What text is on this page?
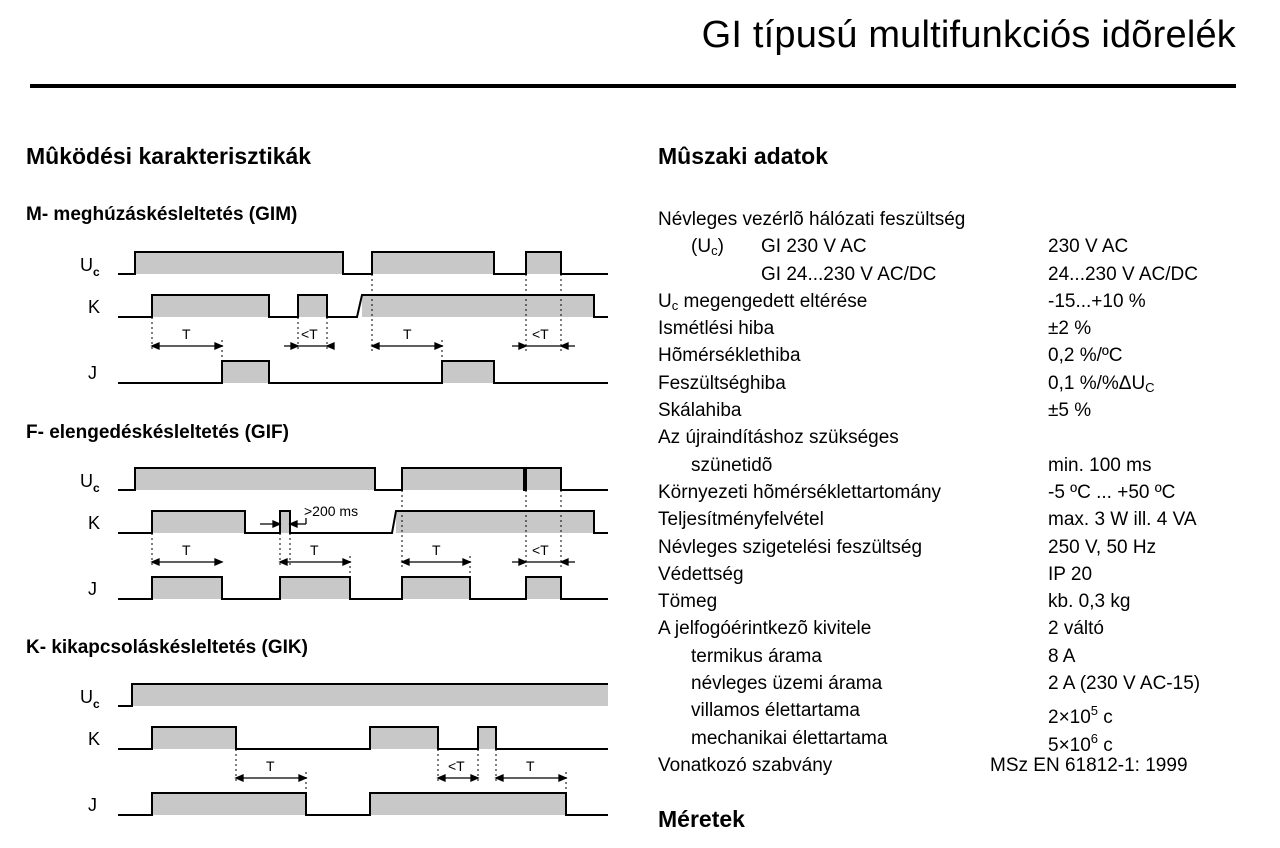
GI típusú multifunkciós idõrelék
Mûködési karakterisztikák
M- meghúzáskésleltetés (GIM)
$U_c$
K
J
T	<T	T	<T
F- elengedéskésleltetés (GIF)
$U_c$
K
J
>200 ms
T	T	T	<T
K- kikapcsoláskésleltetés (GIK)
$U_c$
K
J
T	<T	T
Mûszaki adatok
Névleges vezérlõ hálózati feszültség
$(U_c)$ GI 230 V AC	230 V AC
GI 24...230 V AC/DC	24...230 V AC/DC
$U_c$ megengedett eltérése	-15...+10 %
Ismétlési hiba	±2 %
Hõmérséklethiba	0,2 %/ºC
Feszültséghiba	0,1 $\%/\%\Delta U_C$
Skálahiba	±5 %
Az újraindításhoz szükséges
szünetidõ	min. 100 ms
Környezeti hõmérséklettartomány	-5 ºC ... +50 ºC
Teljesítményfelvétel	max. 3 W ill. 4 VA
Névleges szigetelési feszültség	250 V, 50 Hz
Védettség	IP 20
Tömeg	kb. 0,3 kg
A jelfogóérintkezõ kivitele	2 váltó
termikus árama	8 A
névleges üzemi árama	2 A (230 V AC-15)
villamos élettartama	$2\times 10^5$ c
mechanikai élettartama	$5\times 10^6$ c
Vonatkozó szabvány	MSz EN 61812-1: 1999
Méretek
